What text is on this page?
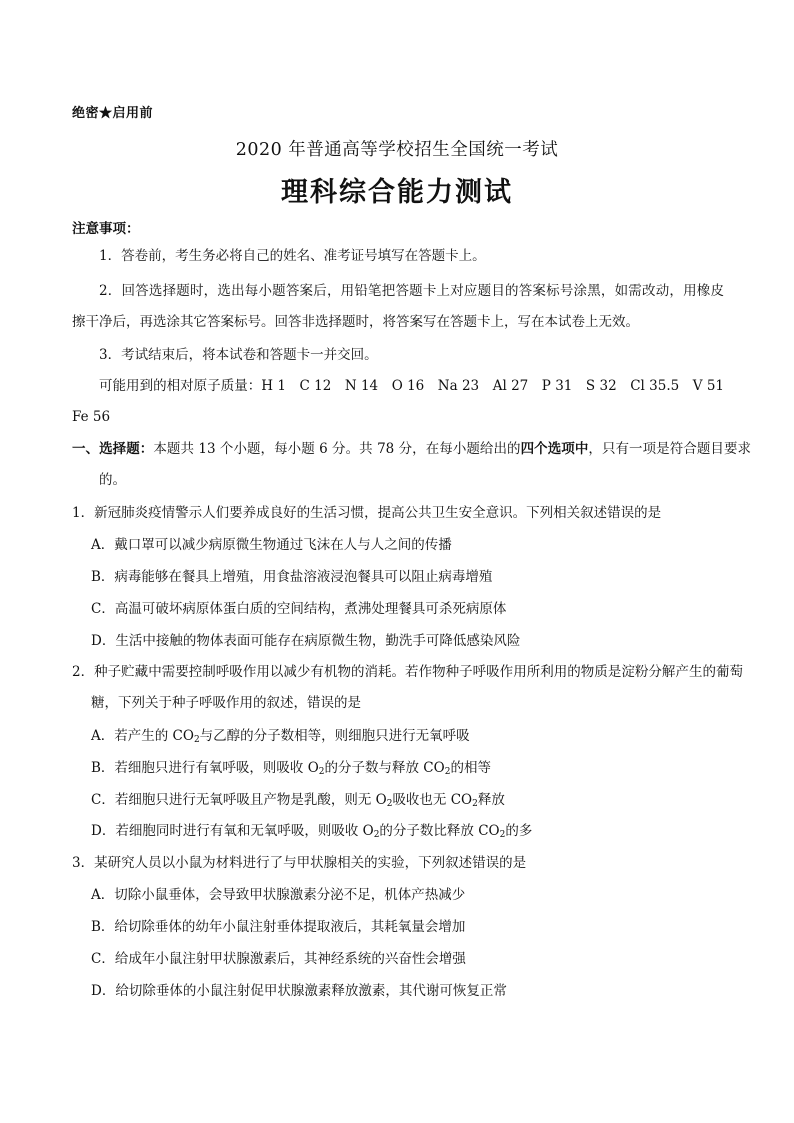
绝密★启用前
2020 年普通高等学校招生全国统一考试
理科综合能力测试
注意事项：

1．答卷前，考生务必将自己的姓名、准考证号填写在答题卡上。

2．回答选择题时，选出每小题答案后，用铅笔把答题卡上对应题目的答案标号涂黑，如需改动，用橡皮擦干净后，再选涂其它答案标号。回答非选择题时，将答案写在答题卡上，写在本试卷上无效。

3．考试结束后，将本试卷和答题卡一并交回。

可能用到的相对原子质量：H 1　C 12　N 14　O 16　Na 23　Al 27　P 31　S 32　Cl 35.5　V 51　Fe 56

一、选择题：本题共 13 个小题，每小题 6 分。共 78 分，在每小题给出的四个选项中，只有一项是符合题目要求的。

1．新冠肺炎疫情警示人们要养成良好的生活习惯，提高公共卫生安全意识。下列相关叙述错误的是

A．戴口罩可以减少病原微生物通过飞沫在人与人之间的传播

B．病毒能够在餐具上增殖，用食盐溶液浸泡餐具可以阻止病毒增殖

C．高温可破坏病原体蛋白质的空间结构，煮沸处理餐具可杀死病原体

D．生活中接触的物体表面可能存在病原微生物，勤洗手可降低感染风险

2．种子贮藏中需要控制呼吸作用以减少有机物的消耗。若作物种子呼吸作用所利用的物质是淀粉分解产生的葡萄糖，下列关于种子呼吸作用的叙述，错误的是

A．若产生的 $CO_2$与乙醇的分子数相等，则细胞只进行无氧呼吸

B．若细胞只进行有氧呼吸，则吸收 $O_2$的分子数与释放 $CO_2$的相等

C．若细胞只进行无氧呼吸且产物是乳酸，则无 $O_2$吸收也无 $CO_2$释放

D．若细胞同时进行有氧和无氧呼吸，则吸收 $O_2$的分子数比释放 $CO_2$的多

3．某研究人员以小鼠为材料进行了与甲状腺相关的实验，下列叙述错误的是

A．切除小鼠垂体，会导致甲状腺激素分泌不足，机体产热减少

B．给切除垂体的幼年小鼠注射垂体提取液后，其耗氧量会增加

C．给成年小鼠注射甲状腺激素后，其神经系统的兴奋性会增强

D．给切除垂体的小鼠注射促甲状腺激素释放激素，其代谢可恢复正常
